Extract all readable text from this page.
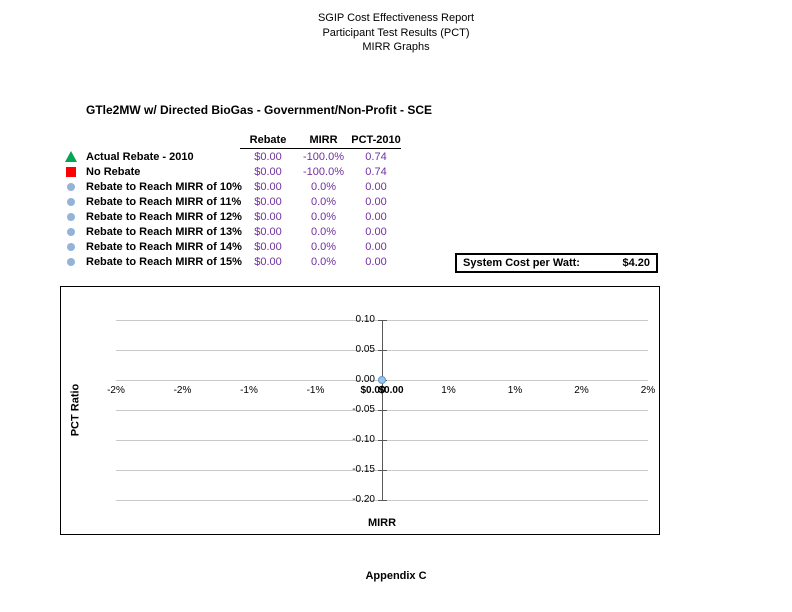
SGIP Cost Effectiveness Report
Participant Test Results (PCT)
MIRR Graphs
GTle2MW w/ Directed BioGas - Government/Non-Profit - SCE
Rebate	MIRR	PCT-2010
Actual Rebate - 2010	$0.00	-100.0%	0.74
No Rebate	$0.00	-100.0%	0.74
Rebate to Reach MIRR of 10%	$0.00	0.0%	0.00
Rebate to Reach MIRR of 11%	$0.00	0.0%	0.00
Rebate to Reach MIRR of 12%	$0.00	0.0%	0.00
Rebate to Reach MIRR of 13%	$0.00	0.0%	0.00
Rebate to Reach MIRR of 14%	$0.00	0.0%	0.00
Rebate to Reach MIRR of 15%	$0.00	0.0%	0.00	System Cost per Watt:	$4.20
0.10
0.05
0.00
-0.05
-0.10
-0.15
-0.20
-2%	-2%	-1%	-1%	1%	1%	2%	2%
$0.00
$0.00
PCT Ratio
MIRR
Appendix C
